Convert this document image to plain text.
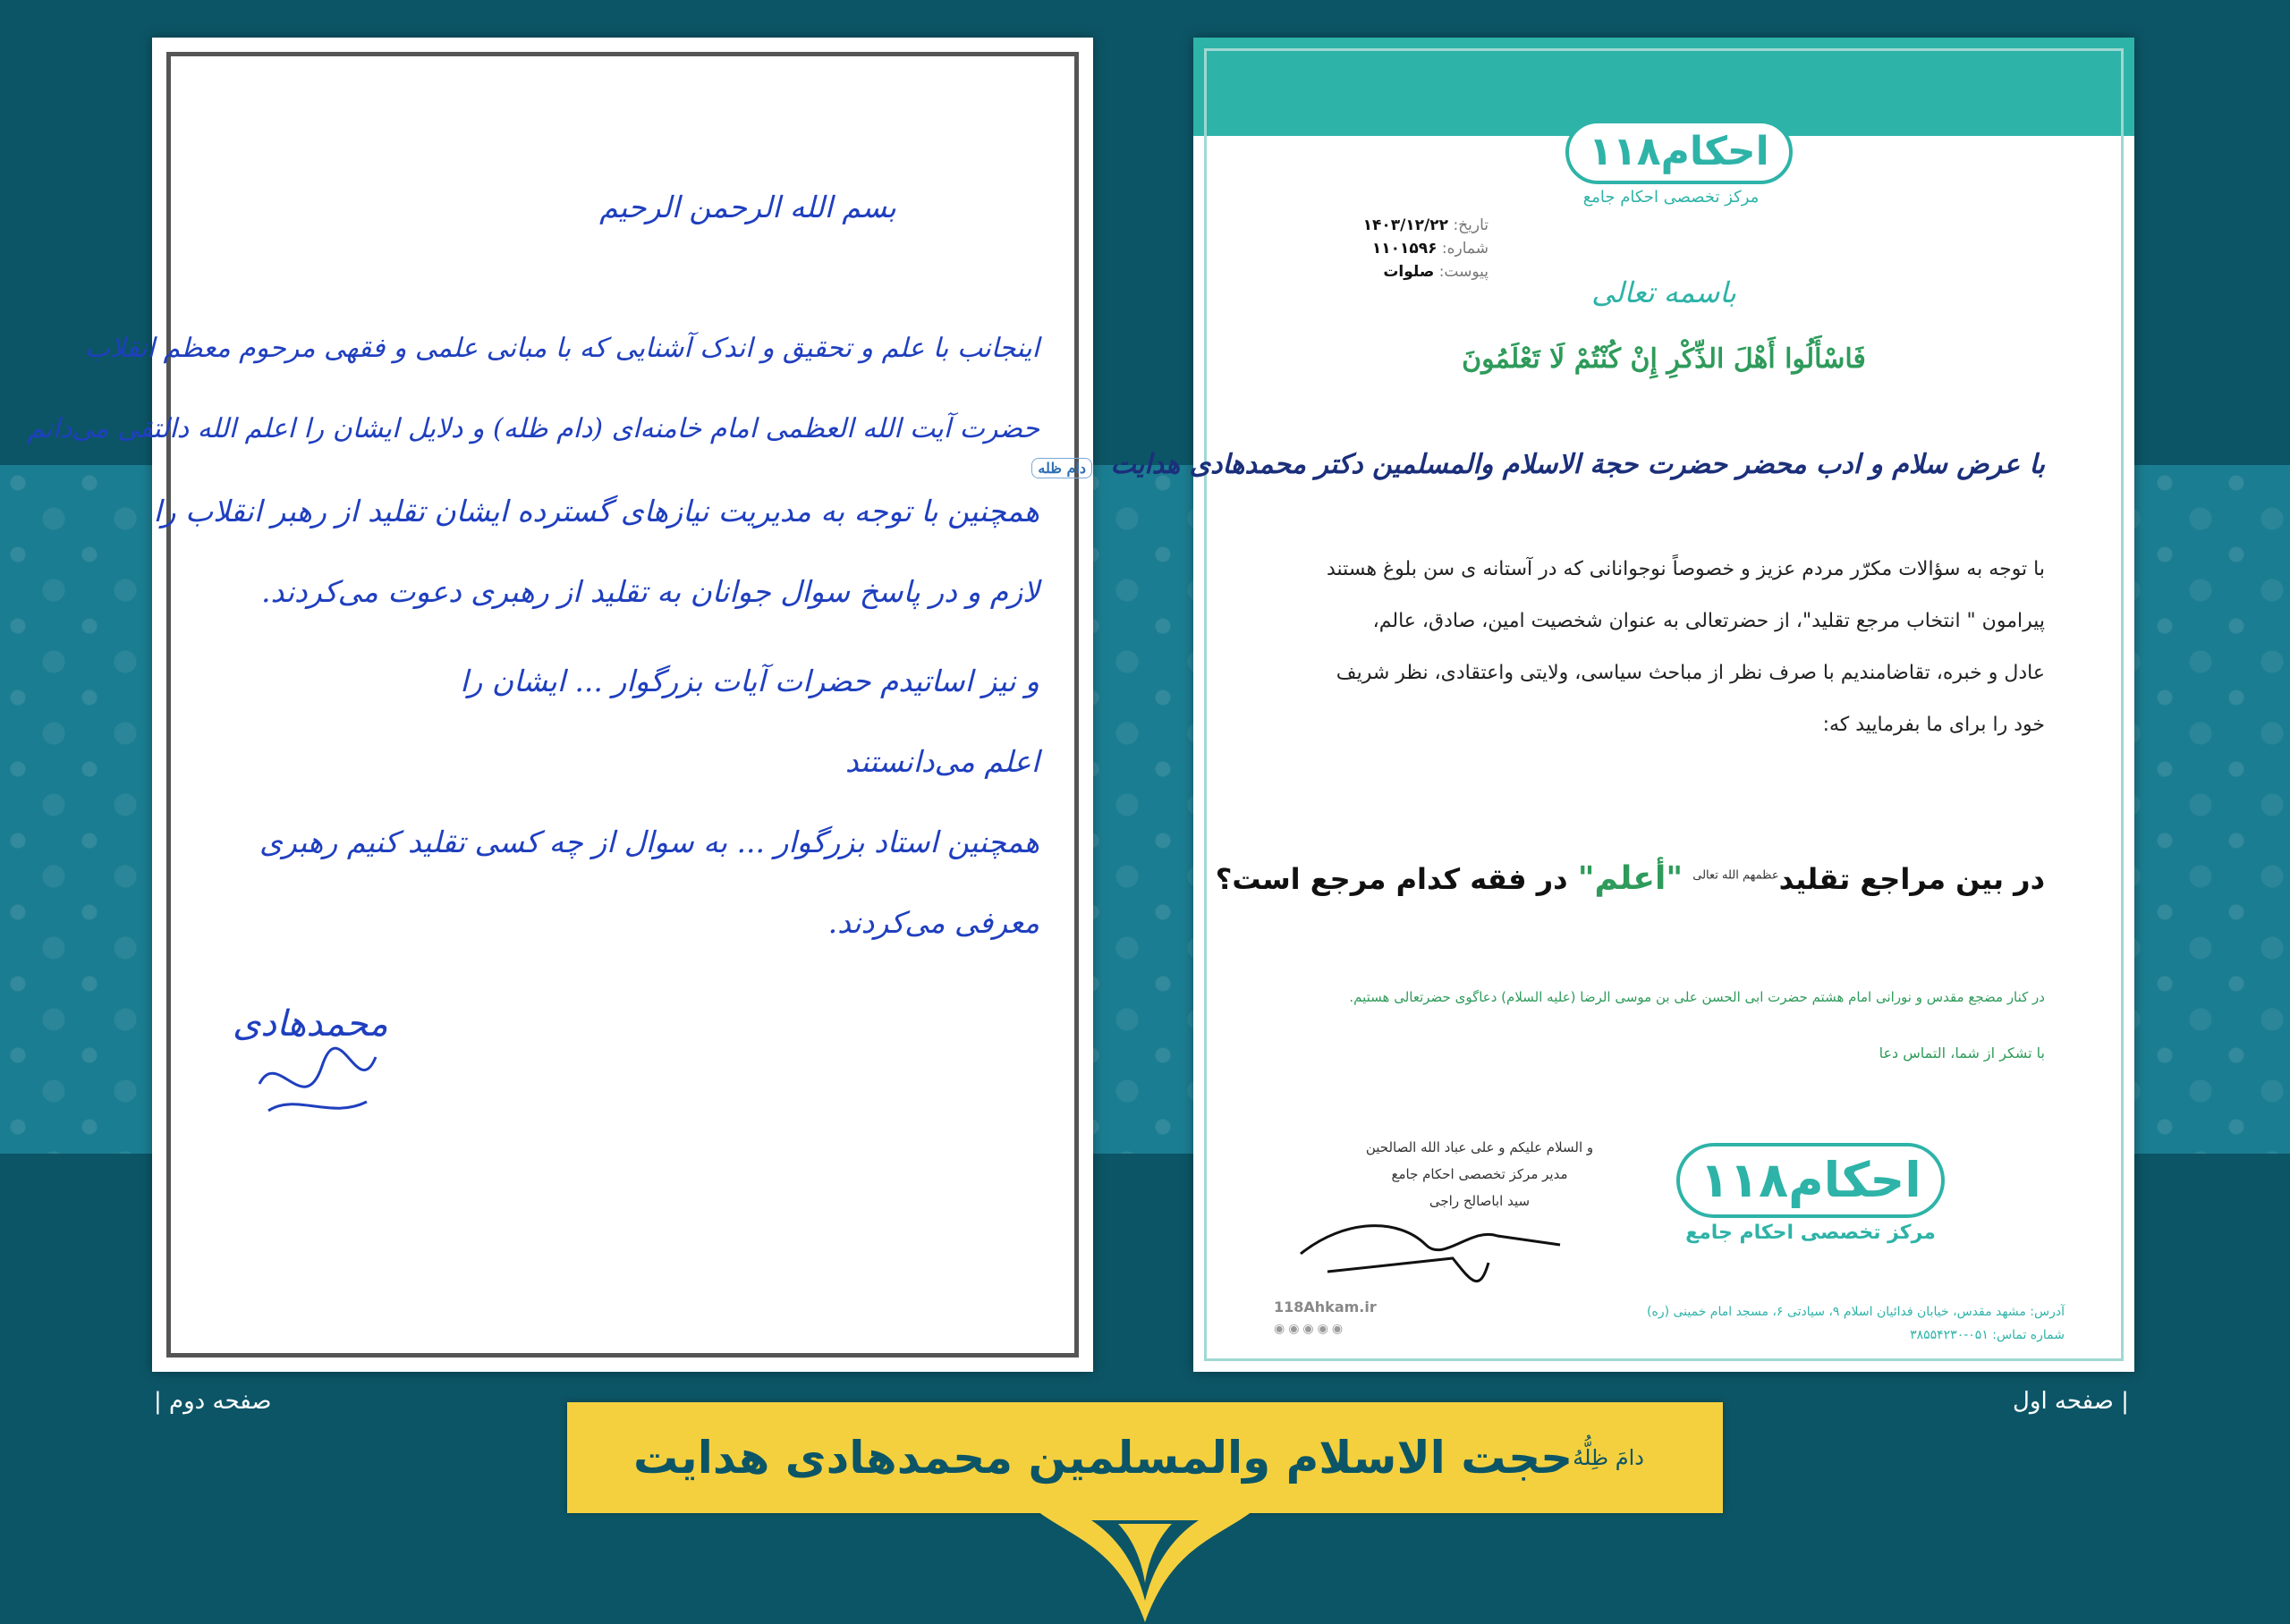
بسم الله الرحمن الرحیم
اینجانب با علم و تحقیق و اندک آشنایی که با مبانی علمی و فقهی مرحوم معظم انقلاب
حضرت آیت الله العظمی امام خامنه‌ای (دام ظله) و دلایل ایشان را اعلم الله دالتقی می‌دانم
همچنین با توجه به مدیریت نیازهای گسترده ایشان تقلید از رهبر انقلاب را
لازم و در پاسخ سوال جوانان به تقلید از رهبری دعوت می‌کردند.
و نیز اساتیدم حضرات آیات بزرگوار ... ایشان را
اعلم می‌دانستند
همچنین استاد بزرگوار ... به سوال از چه کسی تقلید کنیم رهبری
معرفی می‌کردند.
محمدهادی
۱۱۸احکام
مرکز تخصصی احکام جامع
تاریخ: ۱۴۰۳/۱۲/۲۲
شماره: ۱۱۰۱۵۹۶
پیوست: صلوات
باسمه تعالی
فَاسْأَلُوا أَهْلَ الذِّكْرِ إِنْ كُنْتُمْ لَا تَعْلَمُونَ
با عرض سلام و ادب محضر حضرت حجة الاسلام والمسلمین دکتر محمدهادی هدایت دام ظله
با توجه به سؤالات مکرّر مردم عزیز و خصوصاً نوجوانانی که در آستانه ی سن بلوغ هستند
پیرامون " انتخاب مرجع تقلید"، از حضرتعالی به عنوان شخصیت امین، صادق، عالم،
عادل و خبره، تقاضامندیم با صرف نظر از مباحث سیاسی، ولایتی واعتقادی، نظر شریف
خود را برای ما بفرمایید که:
در بین مراجع تقلید$^{عظمهم الله تعالی}$ "أعلم" در فقه کدام مرجع است؟
در کنار مضجع مقدس و نورانی امام هشتم حضرت ابی الحسن علی بن موسی الرضا (علیه السلام) دعاگوی حضرتعالی هستیم.
با تشکر از شما، التماس دعا
و السلام علیکم و علی عباد الله الصالحین
مدیر مرکز تخصصی احکام جامع
سید اباصالح راجی	۱۱۸احکام
مرکز تخصصی احکام جامع
118Ahkam.ir
◉◉◉◉◉
آدرس: مشهد مقدس، خیابان فدائیان اسلام ۹، سیادتی ۶، مسجد امام خمینی (ره)
شماره تماس: ۰۵۱-۳۸۵۵۴۲۳۰
صفحه دوم |	| صفحه اول
حجت الاسلام والمسلمین محمدهادی هدایت دامَ ظِلُّهُ
